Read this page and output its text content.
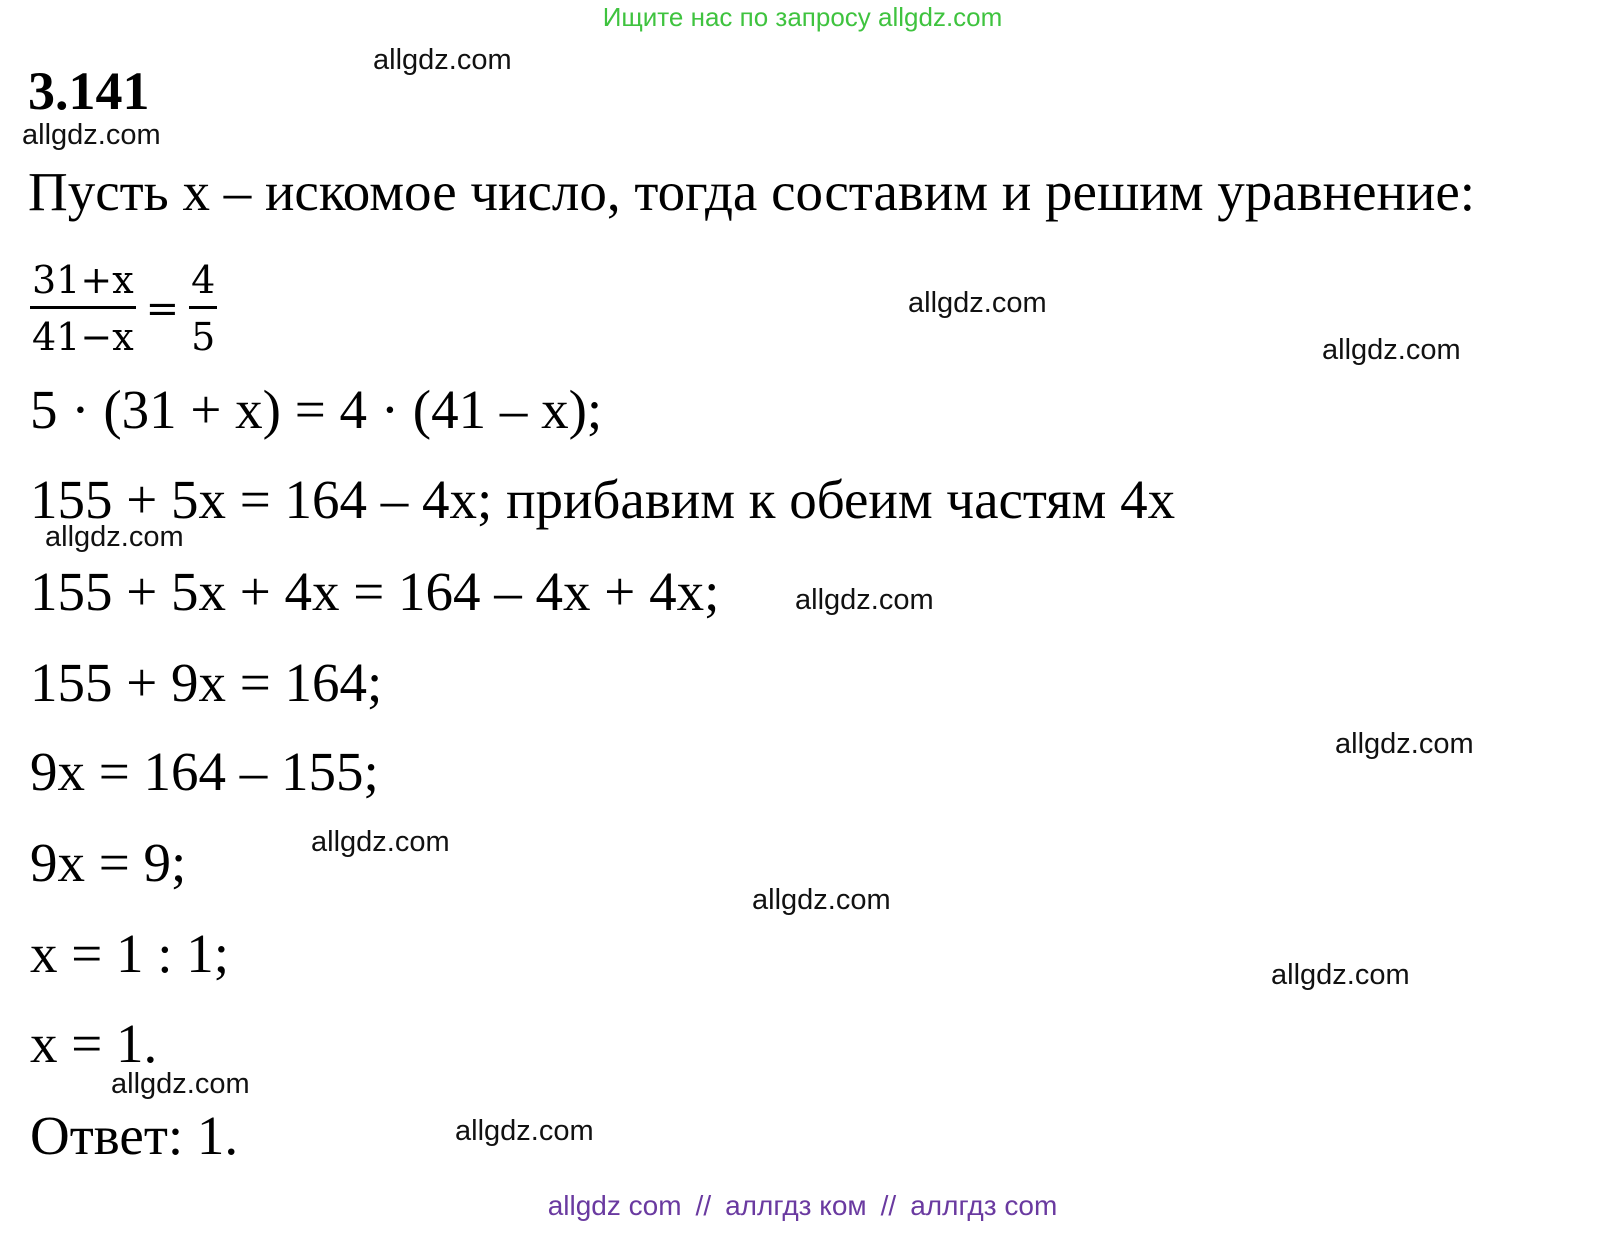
Ищите нас по запросу allgdz.com
3.141
Пусть x – искомое число, тогда составим и решим уравнение:
$\frac{31+x}{41-x} = \frac{4}{5}$
5 · (31 + x) = 4 · (41 – x);
155 + 5x = 164 – 4x; прибавим к обеим частям 4x
155 + 5x + 4x = 164 – 4x + 4x;
155 + 9x = 164;
9x = 164 – 155;
9x = 9;
x = 1 : 1;
x = 1.
Ответ: 1.
allgdz.com
allgdz.com
allgdz.com
allgdz.com
allgdz.com
allgdz.com
allgdz.com
allgdz.com
allgdz.com
allgdz.com
allgdz.com
allgdz.com
allgdz com // аллгдз ком // аллгдз com
